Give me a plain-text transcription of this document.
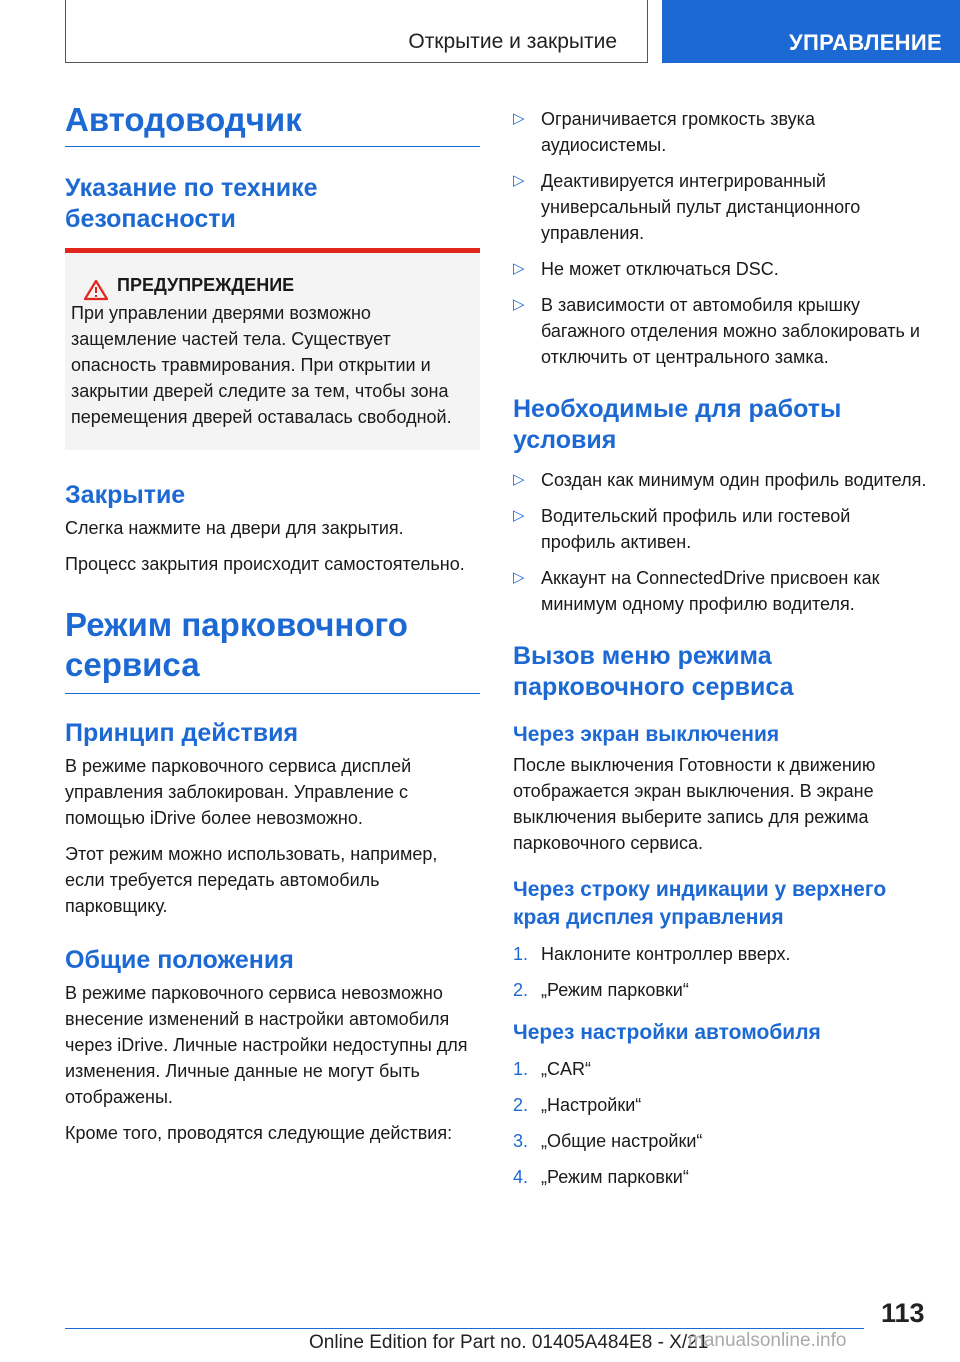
Открытие и закрытие	УПРАВЛЕНИЕ
Автодоводчик
Указание по технике безопасности
ПРЕДУПРЕЖДЕНИЕ

При управлении дверями возможно защемление частей тела. Существует опасность травмирования. При открытии и закрытии дверей следите за тем, чтобы зона перемещения дверей оставалась свободной.

Закрытие

Слегка нажмите на двери для закрытия.

Процесс закрытия происходит самостоятельно.

Режим парковочного сервиса
Принцип действия

В режиме парковочного сервиса дисплей управления заблокирован. Управление с помощью iDrive более невозможно.

Этот режим можно использовать, например, если требуется передать автомобиль парковщику.

Общие положения

В режиме парковочного сервиса невозможно внесение изменений в настройки автомобиля через iDrive. Личные настройки недоступны для изменения. Личные данные не могут быть отображены.

Кроме того, проводятся следующие действия:

▷ Ограничивается громкость звука аудиосистемы.
▷ Деактивируется интегрированный универсальный пульт дистанционного управления.
▷ Не может отключаться DSC.
▷ В зависимости от автомобиля крышку багажного отделения можно заблокировать и отключить от центрального замка.
Необходимые для работы условия
▷ Создан как минимум один профиль водителя.
▷ Водительский профиль или гостевой профиль активен.
▷ Аккаунт на ConnectedDrive присвоен как минимум одному профилю водителя.
Вызов меню режима парковочного сервиса
Через экран выключения

После выключения Готовности к движению отображается экран выключения. В экране выключения выберите запись для режима парковочного сервиса.

Через строку индикации у верхнего края дисплея управления
1. Наклоните контроллер вверх.
2. „Режим парковки“
Через настройки автомобиля
1. „CAR“
2. „Настройки“
3. „Общие настройки“
4. „Режим парковки“
113
Online Edition for Part no. 01405A484E8 - X/21
manualsonline.info
